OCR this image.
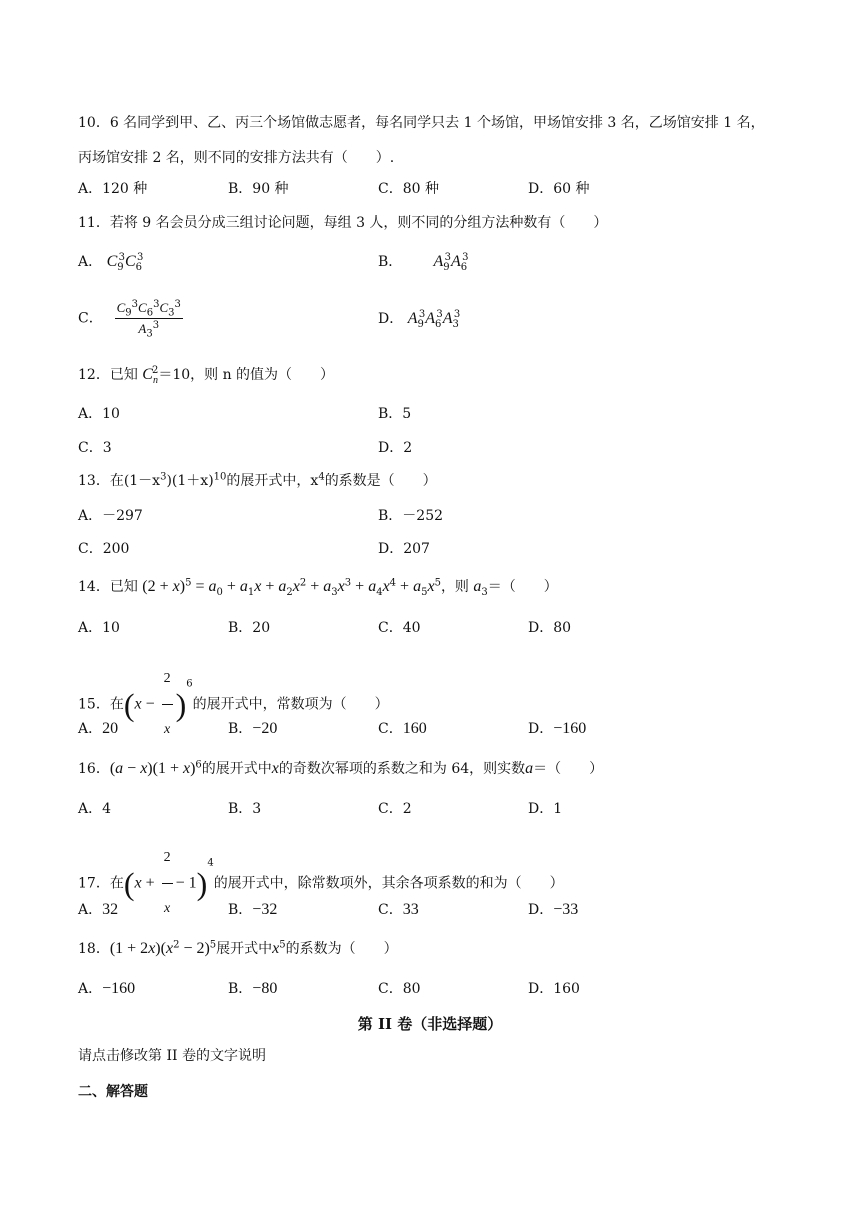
10．6 名同学到甲、乙、丙三个场馆做志愿者，每名同学只去 1 个场馆，甲场馆安排 3 名，乙场馆安排 1 名，
丙场馆安排 2 名，则不同的安排方法共有（　　）.
A．120 种	B．90 种	C．80 种	D．60 种
11．若将 9 名会员分成三组讨论问题，每组 3 人，则不同的分组方法种数有（　　）
A． $C_9^3C_6^3$	B．       $A_9^3A_6^3$
C． $\frac{C_9^3C_6^3C_3^3}{A_3^3}$	D． $A_9^3A_6^3A_3^3$
12．已知 $C_n^2=10$，则 n 的值为（　　）
A．10	B．5
C．3	D．2
13．在$(1-x^3)(1+x)^{10}$的展开式中，$x^4$的系数是（　　）
A．－297	B．－252
C．200	D．207
14．已知 $(2 + x)^5 = a_0 + a_1x + a_2x^2 + a_3x^3 + a_4x^4 + a_5x^5$，则 $a_3=$（　　）
A．10	B．20	C．40	D．80
15．在$(x - \frac{2}{x} )^6$的展开式中，常数项为（　　）
A．20	B．−20	C．160	D．−160
16．$(a - x)(1 + x)^6$的展开式中x的奇数次幂项的系数之和为 64，则实数a＝（　　）
A．4	B．3	C．2	D．1
17．在$(x + \frac{2}{x} - 1)^4$的展开式中，除常数项外，其余各项系数的和为（　　）
A．32	B．−32	C．33	D．−33
18．$(1 + 2x)(x^2 - 2)^5$展开式中$x^5$的系数为（　　）
A．−160	B．−80	C．80	D．160
第 II 卷（非选择题）
请点击修改第 II 卷的文字说明
二、解答题
